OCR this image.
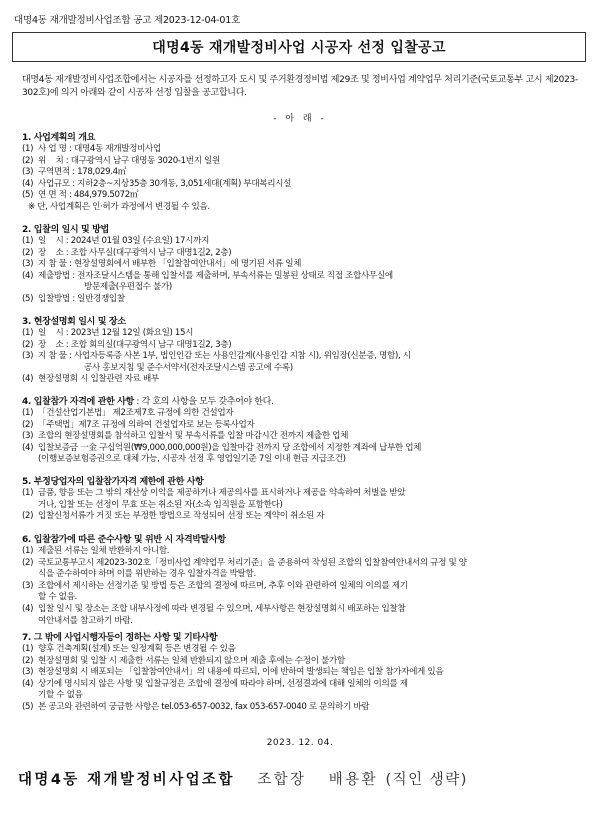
대명4동 재개발정비사업조합 공고 제2023-12-04-01호
대명4동 재개발정비사업 시공자 선정 입찰공고
대명4동 재개발정비사업조합에서는 시공자를 선정하고자 도시 및 주거환경정비법 제29조 및 정비사업 계약업무 처리기준(국토교통부 고시 제2023-302호)에 의거 아래와 같이 시공자 선정 입찰을 공고합니다.
- 아 래 -
1. 사업계획의 개요
(1) 사 업 명 : 대명4동 재개발정비사업
(2) 위    치 : 대구광역시 남구 대명동 3020-1번지 일원
(3) 구역면적 : 178,029.4㎡
(4) 사업규모 : 지하2층~지상35층 30개동, 3,051세대(계획) 부대복리시설
(5) 연 면 적 : 484,979.5072㎡
※ 단, 사업계획은 인·허가 과정에서 변경될 수 있음.
2. 입찰의 일시 및 방법
(1) 일    시 : 2024년 01월 03일 (수요일) 17시까지
(2) 장    소 : 조합 사무실(대구광역시 남구 대명1길2, 2층)
(3) 지 참 물 : 현장설명회에서 배부한 「입찰참여안내서」에 명기된 서류 일체
(4) 제출방법 : 전자조달시스템을 통해 입찰서를 제출하며, 부속서류는 밀봉된 상태로 직접 조합사무실에
방문제출(우편접수 불가)
(5) 입찰방법 : 일반경쟁입찰
3. 현장설명회 일시 및 장소
(1) 일    시 : 2023년 12월 12일 (화요일) 15시
(2) 장    소 : 조합 회의실(대구광역시 남구 대명1길2, 3층)
(3) 지 참 물 : 사업자등록증 사본 1부, 법인인감 또는 사용인감계(사용인감 지참 시), 위임장(신분증, 명함), 시
공사 홍보지침 및 준수서약서(전자조달시스템 공고에 수록)
(4) 현장설명회 시 입찰관련 자료 배부
4. 입찰참가 자격에 관한 사항 : 각 호의 사항을 모두 갖추어야 한다.
(1) 「건설산업기본법」 제2조제7호 규정에 의한 건설업자
(2) 「주택법」제7조 규정에 의하여 건설업자로 보는 등록사업자
(3) 조합의 현장설명회를 참석하고 입찰서 및 부속서류를 입찰 마감시간 전까지 제출한 업체
(4) 입찰보증금 一金 구십억원(₩9,000,000,000원)을 입찰마감 전까지 당 조합에서 지정한 계좌에 납부한 업체
(이행보증보험증권으로 대체 가능, 시공자 선정 후 영업일기준 7일 이내 현금 지급조건)
5. 부정당업자의 입찰참가자격 제한에 관한 사항
(1) 금품, 향응 또는 그 밖의 재산상 이익을 제공하거나 제공의사를 표시하거나 제공을 약속하여 처벌을 받았
거나, 입찰 또는 선정이 무효 또는 취소된 자(소속 임직원을 포함한다)
(2) 입찰신청서류가 거짓 또는 부정한 방법으로 작성되어 선정 또는 계약이 취소된 자
6. 입찰참가에 따른 준수사항 및 위반 시 자격박탈사항
(1) 제출된 서류는 일체 반환하지 아니함.
(2) 국토교통부고시 제2023-302호「정비사업 계약업무 처리기준」을 준용하여 작성된 조합의 입찰참여안내서의 규정 및 양
식을 준수하여야 하며 이를 위반하는 경우 입찰자격을 박탈함.
(3) 조합에서 제시하는 선정기준 및 방법 등은 조합의 결정에 따르며, 추후 이와 관련하여 일체의 이의를 제기
할 수 없음.
(4) 입찰 일시 및 장소는 조합 내부사정에 따라 변경될 수 있으며, 세부사항은 현장설명회시 배포하는 입찰참
여안내서를 참고하기 바람.
7. 그 밖에 사업시행자등이 정하는 사항 및 기타사항
(1) 향후 건축계획(설계) 또는 일정계획 등은 변경될 수 있음
(2) 현장설명회 및 입찰 시 제출한 서류는 일체 반환되지 않으며 제출 후에는 수정이 불가함
(3) 현장설명회 시 배포되는 「입찰참여안내서」의 내용에 따르되, 이에 반하여 발생되는 책임은 입찰 참가자에게 있음
(4) 상기에 명시되지 않은 사항 및 입찰규정은 조합에 결정에 따라야 하며, 선정결과에 대해 일체의 이의를 제
기할 수 없음
(5) 본 공고와 관련하여 궁금한 사항은 tel.053-657-0032, fax 053-657-0040 로 문의하기 바람
2023. 12. 04.
대명4동 재개발정비사업조합 조합장 배용환 (직인 생략)
